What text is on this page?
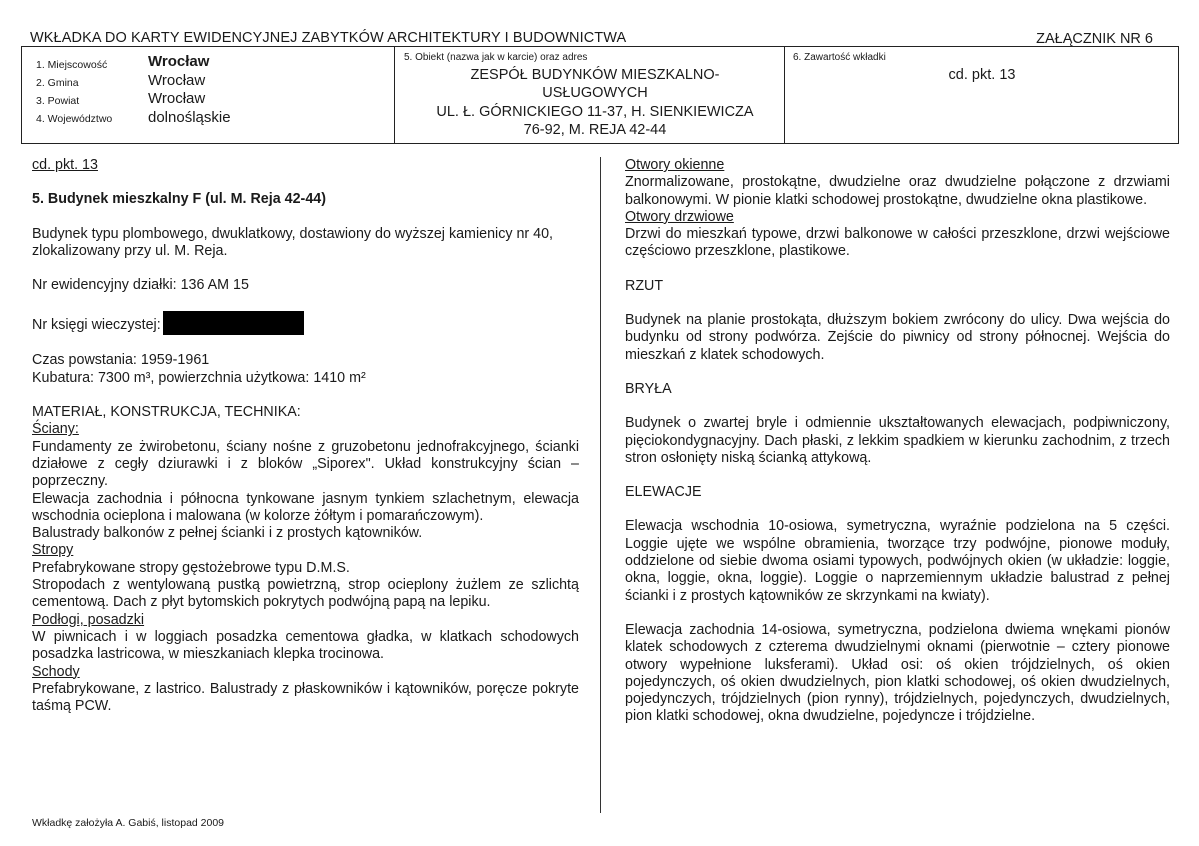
WKŁADKA DO KARTY EWIDENCYJNEJ ZABYTKÓW ARCHITEKTURY I BUDOWNICTWA	ZAŁĄCZNIK NR 6
1. Miejscowość
2. Gmina
3. Powiat
4. Województwo
Wrocław
Wrocław
Wrocław
dolnośląskie
5. Obiekt (nazwa jak w karcie) oraz adres
ZESPÓŁ BUDYNKÓW MIESZKALNO-
USŁUGOWYCH
UL. Ł. GÓRNICKIEGO 11-37, H. SIENKIEWICZA
76-92, M. REJA 42-44
6. Zawartość wkładki
cd. pkt. 13

cd. pkt. 13

5. Budynek mieszkalny F (ul. M. Reja 42-44)

Budynek typu plombowego, dwuklatkowy, dostawiony do wyższej kamienicy nr 40, zlokalizowany przy ul. M. Reja.

Nr ewidencyjny działki: 136 AM 15

Nr księgi wieczystej:

Czas powstania: 1959-1961

Kubatura: 7300 m³, powierzchnia użytkowa: 1410 m²

MATERIAŁ, KONSTRUKCJA, TECHNIKA:

Ściany:

Fundamenty ze żwirobetonu, ściany nośne z gruzobetonu jednofrakcyjnego, ścianki działowe z cegły dziurawki i z bloków „Siporex". Układ konstrukcyjny ścian – poprzeczny.

Elewacja zachodnia i północna tynkowane jasnym tynkiem szlachetnym, elewacja wschodnia ocieplona i malowana (w kolorze żółtym i pomarańczowym).

Balustrady balkonów z pełnej ścianki i z prostych kątowników.

Stropy

Prefabrykowane stropy gęstożebrowe typu D.M.S.

Stropodach z wentylowaną pustką powietrzną, strop ocieplony żużlem ze szlichtą cementową. Dach z płyt bytomskich pokrytych podwójną papą na lepiku.

Podłogi, posadzki

W piwnicach i w loggiach posadzka cementowa gładka, w klatkach schodowych posadzka lastricowa, w mieszkaniach klepka trocinowa.

Schody

Prefabrykowane, z lastrico. Balustrady z płaskowników i kątowników, poręcze pokryte taśmą PCW.

Otwory okienne

Znormalizowane, prostokątne, dwudzielne oraz dwudzielne połączone z drzwiami balkonowymi. W pionie klatki schodowej prostokątne, dwudzielne okna plastikowe.

Otwory drzwiowe

Drzwi do mieszkań typowe, drzwi balkonowe w całości przeszklone, drzwi wejściowe częściowo przeszklone, plastikowe.

RZUT

Budynek na planie prostokąta, dłuższym bokiem zwrócony do ulicy. Dwa wejścia do budynku od strony podwórza. Zejście do piwnicy od strony północnej. Wejścia do mieszkań z klatek schodowych.

BRYŁA

Budynek o zwartej bryle i odmiennie ukształtowanych elewacjach, podpiwniczony, pięciokondygnacyjny. Dach płaski, z lekkim spadkiem w kierunku zachodnim, z trzech stron osłonięty niską ścianką attykową.

ELEWACJE

Elewacja wschodnia 10-osiowa, symetryczna, wyraźnie podzielona na 5 części. Loggie ujęte we wspólne obramienia, tworzące trzy podwójne, pionowe moduły, oddzielone od siebie dwoma osiami typowych, podwójnych okien (w układzie: loggie, okna, loggie, okna, loggie). Loggie o naprzemiennym układzie balustrad z pełnej ścianki i z prostych kątowników ze skrzynkami na kwiaty).

Elewacja zachodnia 14-osiowa, symetryczna, podzielona dwiema wnękami pionów klatek schodowych z czterema dwudzielnymi oknami (pierwotnie – cztery pionowe otwory wypełnione luksferami). Układ osi: oś okien trójdzielnych, oś okien pojedynczych, oś okien dwudzielnych, pion klatki schodowej, oś okien dwudzielnych, pojedynczych, trójdzielnych (pion rynny), trójdzielnych, pojedynczych, dwudzielnych, pion klatki schodowej, okna dwudzielne, pojedyncze i trójdzielne.

Wkładkę założyła A. Gabiś, listopad 2009
